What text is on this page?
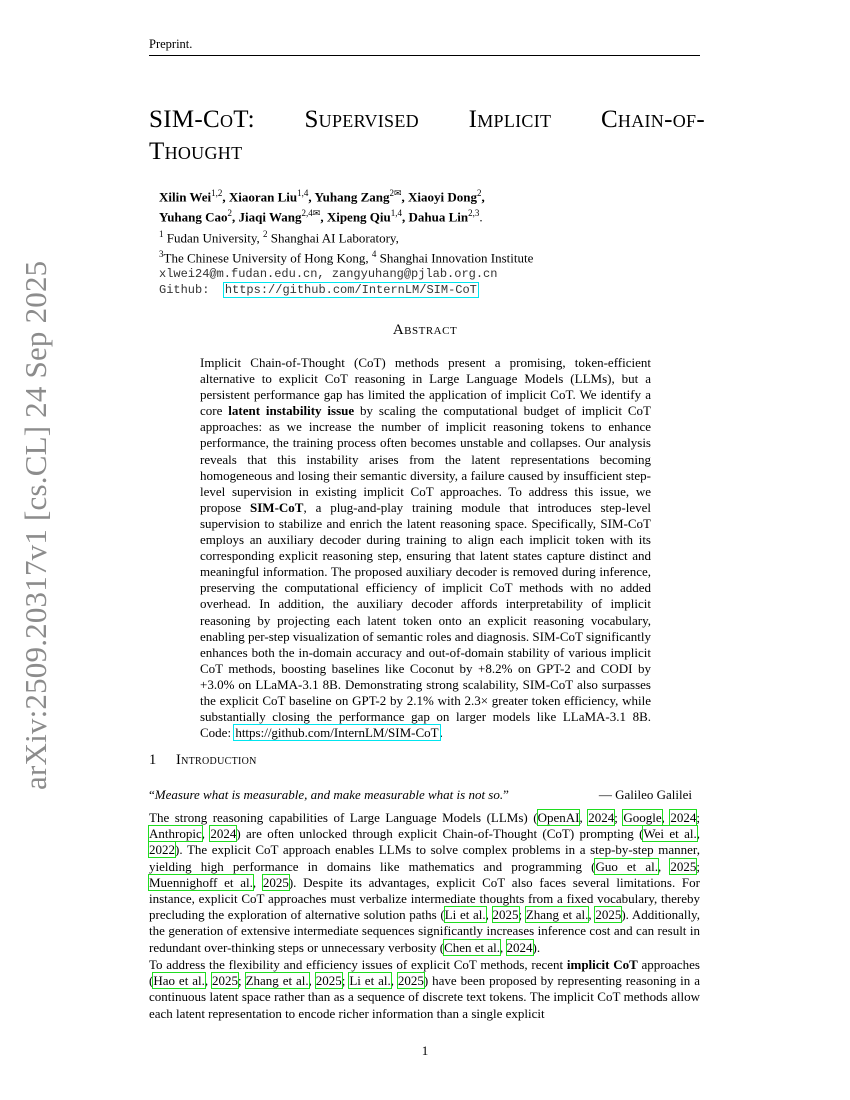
Preprint.
arXiv:2509.20317v1 [cs.CL] 24 Sep 2025
SIM-CoT: Supervised Implicit Chain-of-
Thought
Xilin Wei$^{1,2}$, Xiaoran Liu$^{1,4}$, Yuhang Zang$^{2✉}$, Xiaoyi Dong$^2$,
Yuhang Cao$^2$, Jiaqi Wang$^{2,4✉}$, Xipeng Qiu$^{1,4}$, Dahua Lin$^{2,3}$.
$^1$ Fudan University, $^2$ Shanghai AI Laboratory,
$^3$The Chinese University of Hong Kong, $^4$ Shanghai Innovation Institute
xlwei24@m.fudan.edu.cn, zangyuhang@pjlab.org.cn
Github: https://github.com/InternLM/SIM-CoT
Abstract
Implicit Chain-of-Thought (CoT) methods present a promising, token-efficient alternative to explicit CoT reasoning in Large Language Models (LLMs), but a persistent performance gap has limited the application of implicit CoT. We identify a core latent instability issue by scaling the computational budget of implicit CoT approaches: as we increase the number of implicit reasoning tokens to enhance performance, the training process often becomes unstable and collapses. Our analysis reveals that this instability arises from the latent representations becoming homogeneous and losing their semantic diversity, a failure caused by insufficient step-level supervision in existing implicit CoT approaches. To address this issue, we propose SIM-CoT, a plug-and-play training module that introduces step-level supervision to stabilize and enrich the latent reasoning space. Specifically, SIM-CoT employs an auxiliary decoder during training to align each implicit token with its corresponding explicit reasoning step, ensuring that latent states capture distinct and meaningful information. The proposed auxiliary decoder is removed during inference, preserving the computational efficiency of implicit CoT methods with no added overhead. In addition, the auxiliary decoder affords interpretability of implicit reasoning by projecting each latent token onto an explicit reasoning vocabulary, enabling per-step visualization of semantic roles and diagnosis. SIM-CoT significantly enhances both the in-domain accuracy and out-of-domain stability of various implicit CoT methods, boosting baselines like Coconut by +8.2% on GPT-2 and CODI by +3.0% on LLaMA-3.1 8B. Demonstrating strong scalability, SIM-CoT also surpasses the explicit CoT baseline on GPT-2 by 2.1% with 2.3× greater token efficiency, while substantially closing the performance gap on larger models like LLaMA-3.1 8B. Code: https://github.com/InternLM/SIM-CoT.
1 Introduction
“Measure what is measurable, and make measurable what is not so.”	— Galileo Galilei
The strong reasoning capabilities of Large Language Models (LLMs) (OpenAI, 2024; Google, 2024; Anthropic, 2024) are often unlocked through explicit Chain-of-Thought (CoT) prompting (Wei et al., 2022). The explicit CoT approach enables LLMs to solve complex problems in a step-by-step manner, yielding high performance in domains like mathematics and programming (Guo et al., 2025; Muennighoff et al., 2025). Despite its advantages, explicit CoT also faces several limitations. For instance, explicit CoT approaches must verbalize intermediate thoughts from a fixed vocabulary, thereby precluding the exploration of alternative solution paths (Li et al., 2025; Zhang et al., 2025). Additionally, the generation of extensive intermediate sequences significantly increases inference cost and can result in redundant over-thinking steps or unnecessary verbosity (Chen et al., 2024).
To address the flexibility and efficiency issues of explicit CoT methods, recent implicit CoT approaches (Hao et al., 2025; Zhang et al., 2025; Li et al., 2025) have been proposed by representing reasoning in a continuous latent space rather than as a sequence of discrete text tokens. The implicit CoT methods allow each latent representation to encode richer information than a single explicit
1
